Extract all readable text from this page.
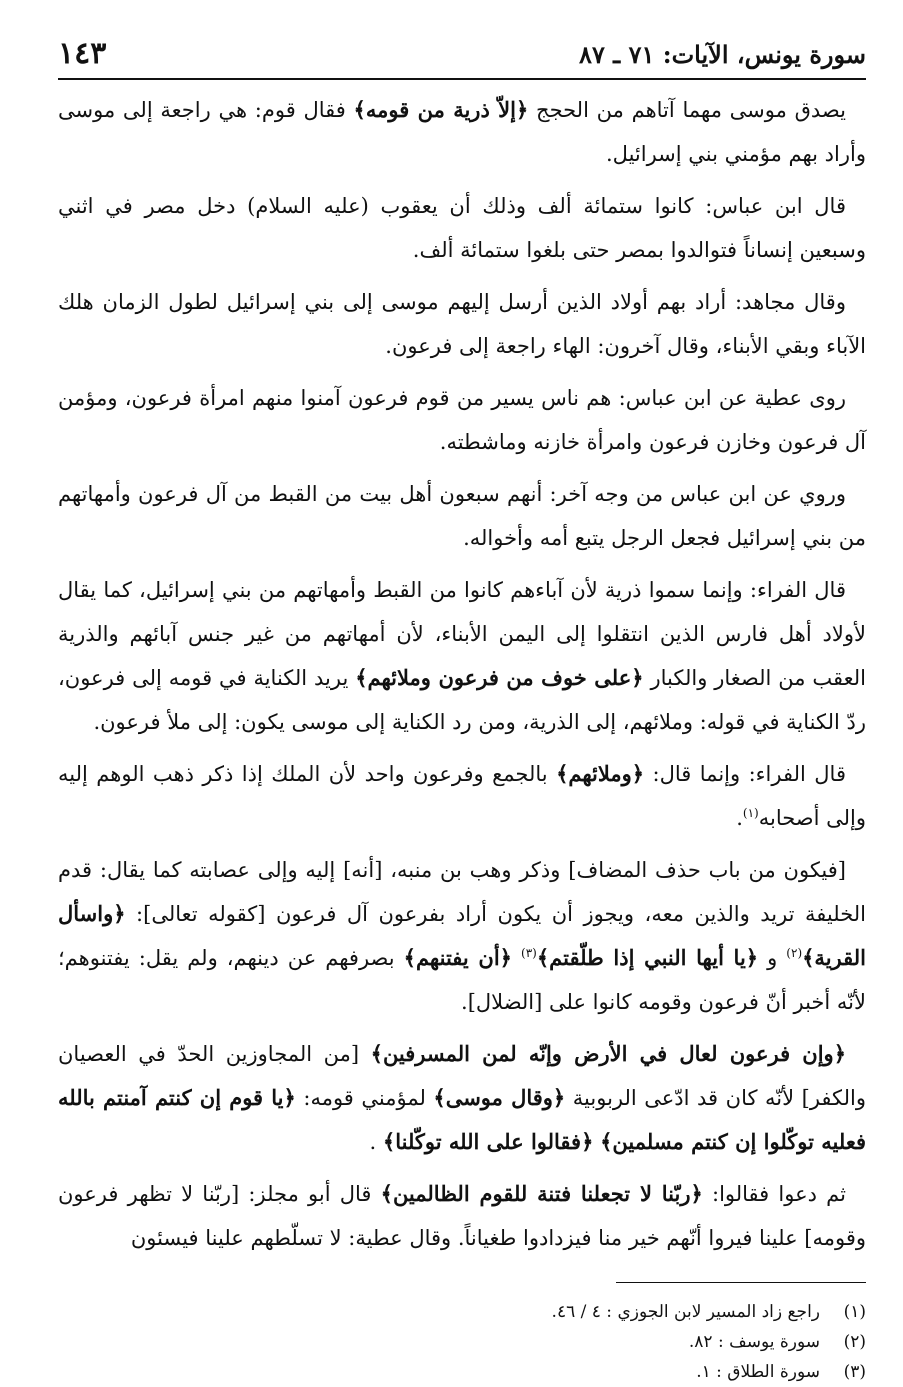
سورة يونس، الآيات: ٧١ ـ ٨٧
١٤٣

يصدق موسى مهما آتاهم من الحجج ﴿إلاّ ذرية من قومه﴾ فقال قوم: هي راجعة إلى موسى وأراد بهم مؤمني بني إسرائيل.

قال ابن عباس: كانوا ستمائة ألف وذلك أن يعقوب (عليه السلام) دخل مصر في اثني وسبعين إنساناً فتوالدوا بمصر حتى بلغوا ستمائة ألف.

وقال مجاهد: أراد بهم أولاد الذين أرسل إليهم موسى إلى بني إسرائيل لطول الزمان هلك الآباء وبقي الأبناء، وقال آخرون: الهاء راجعة إلى فرعون.

روى عطية عن ابن عباس: هم ناس يسير من قوم فرعون آمنوا منهم امرأة فرعون، ومؤمن آل فرعون وخازن فرعون وامرأة خازنه وماشطته.

وروي عن ابن عباس من وجه آخر: أنهم سبعون أهل بيت من القبط من آل فرعون وأمهاتهم من بني إسرائيل فجعل الرجل يتبع أمه وأخواله.

قال الفراء: وإنما سموا ذرية لأن آباءهم كانوا من القبط وأمهاتهم من بني إسرائيل، كما يقال لأولاد أهل فارس الذين انتقلوا إلى اليمن الأبناء، لأن أمهاتهم من غير جنس آبائهم والذرية العقب من الصغار والكبار ﴿على خوف من فرعون وملائهم﴾ يريد الكناية في قومه إلى فرعون، ردّ الكناية في قوله: وملائهم، إلى الذرية، ومن رد الكناية إلى موسى يكون: إلى ملأ فرعون.

قال الفراء: وإنما قال: ﴿وملائهم﴾ بالجمع وفرعون واحد لأن الملك إذا ذكر ذهب الوهم إليه وإلى أصحابه$^{(١)}$.

[فيكون من باب حذف المضاف] وذكر وهب بن منبه، [أنه] إليه وإلى عصابته كما يقال: قدم الخليفة تريد والذين معه، ويجوز أن يكون أراد بفرعون آل فرعون [كقوله تعالى]: ﴿واسأل القرية﴾$^{(٢)}$ و ﴿يا أيها النبي إذا طلّقتم﴾$^{(٣)}$ ﴿أن يفتنهم﴾ بصرفهم عن دينهم، ولم يقل: يفتنوهم؛ لأنّه أخبر أنّ فرعون وقومه كانوا على [الضلال].

﴿وإن فرعون لعال في الأرض وإنّه لمن المسرفين﴾ [من المجاوزين الحدّ في العصيان والكفر] لأنّه كان قد ادّعى الربوبية ﴿وقال موسى﴾ لمؤمني قومه: ﴿يا قوم إن كنتم آمنتم بالله فعليه توكّلوا إن كنتم مسلمين﴾ ﴿فقالوا على الله توكّلنا﴾ .

ثم دعوا فقالوا: ﴿ربّنا لا تجعلنا فتنة للقوم الظالمين﴾ قال أبو مجلز: [ربّنا لا تظهر فرعون وقومه] علينا فيروا أنّهم خير منا فيزدادوا طغياناً. وقال عطية: لا تسلّطهم علينا فيسئون

(١)راجع زاد المسير لابن الجوزي : ٤ / ٤٦.
(٢)سورة يوسف : ٨٢.
(٣)سورة الطلاق : ١.
